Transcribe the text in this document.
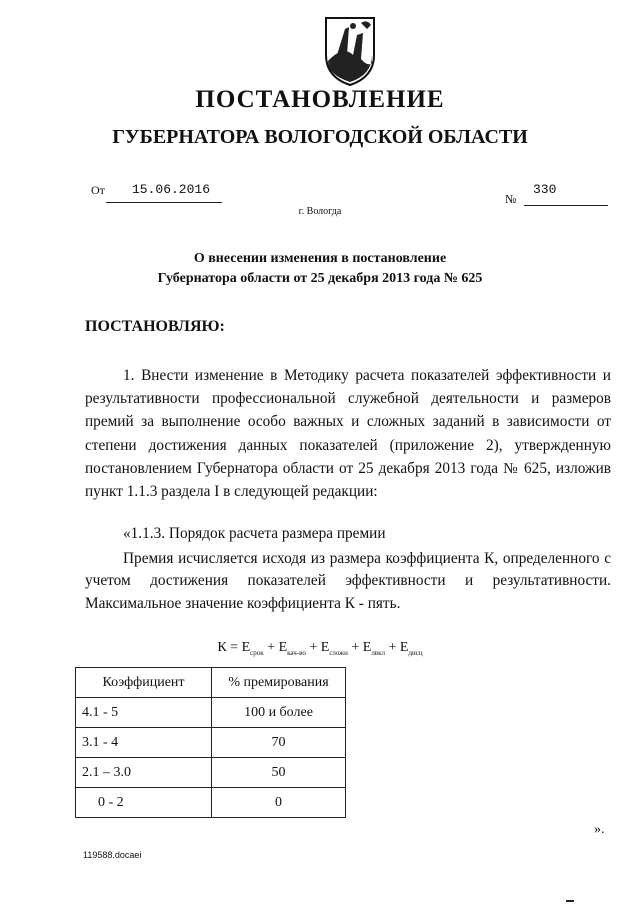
ПОСТАНОВЛЕНИЕ
ГУБЕРНАТОРА ВОЛОГОДСКОЙ ОБЛАСТИ
От 15.06.2016
№
330
г. Вологда
О внесении изменения в постановление
Губернатора области от 25 декабря 2013 года № 625
ПОСТАНОВЛЯЮ:
1. Внести изменение в Методику расчета показателей эффективности и результативности профессиональной служебной деятельности и размеров премий за выполнение особо важных и сложных заданий в зависимости от степени достижения данных показателей (приложение 2), утвержденную постановлением Губернатора области от 25 декабря 2013 года № 625, изложив пункт 1.1.3 раздела I в следующей редакции:
«1.1.3. Порядок расчета размера премии
Премия исчисляется исходя из размера коэффициента К, определенного с учетом достижения показателей эффективности и результативности. Максимальное значение коэффициента К - пять.
$К = Е_{срок} + Е_{кач-во} + Е_{сложн} + Е_{лвкл} + Е_{дисц}$
Коэффициент	% премирования
4.1 - 5	100 и более
3.1 - 4	70
2.1 – 3.0	50
0 - 2	0
».
119588.docaei
